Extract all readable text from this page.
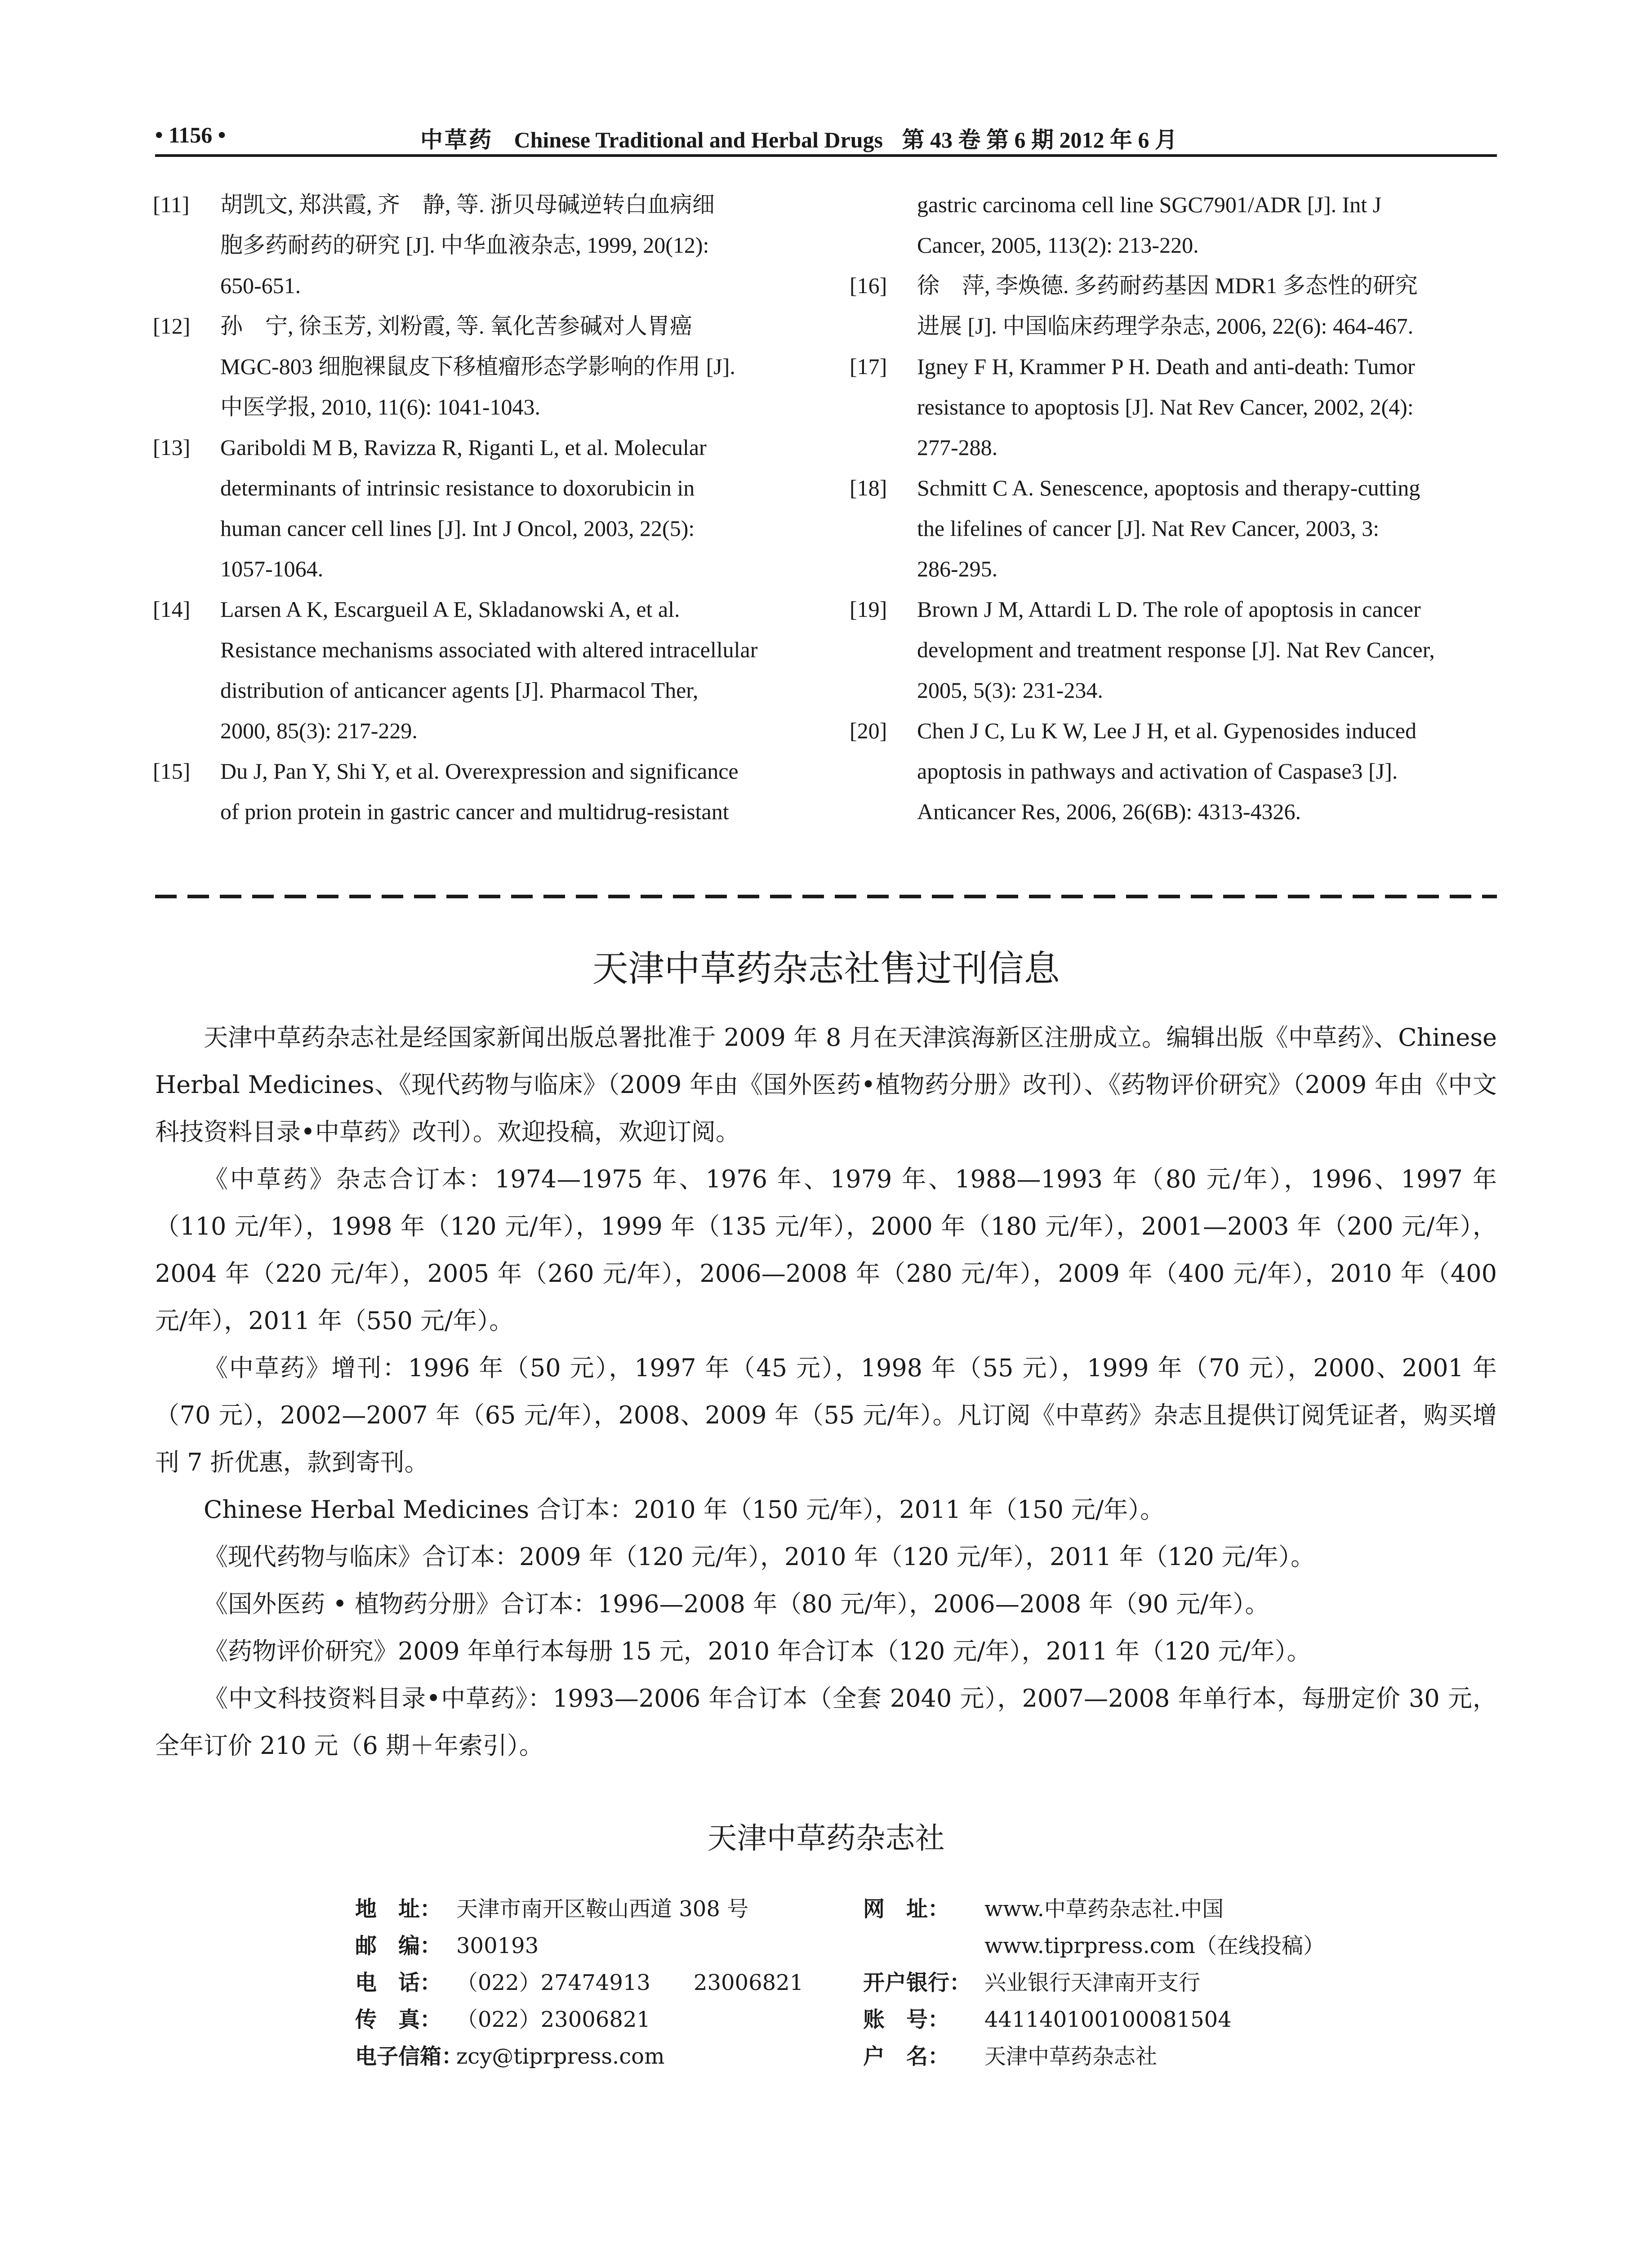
• 1156 •	中草药 Chinese Traditional and Herbal Drugs 第 43 卷 第 6 期 2012 年 6 月
[11] 胡凯文, 郑洪霞, 齐　静, 等. 浙贝母碱逆转白血病细
胞多药耐药的研究 [J]. 中华血液杂志, 1999, 20(12):
650-651.
[12] 孙　宁, 徐玉芳, 刘粉霞, 等. 氧化苦参碱对人胃癌
MGC-803 细胞裸鼠皮下移植瘤形态学影响的作用 [J].
中医学报, 2010, 11(6): 1041-1043.
[13] Gariboldi M B, Ravizza R, Riganti L, et al. Molecular
determinants of intrinsic resistance to doxorubicin in
human cancer cell lines [J]. Int J Oncol, 2003, 22(5):
1057-1064.
[14] Larsen A K, Escargueil A E, Skladanowski A, et al.
Resistance mechanisms associated with altered intracellular
distribution of anticancer agents [J]. Pharmacol Ther,
2000, 85(3): 217-229.
[15] Du J, Pan Y, Shi Y, et al. Overexpression and significance
of prion protein in gastric cancer and multidrug-resistant
gastric carcinoma cell line SGC7901/ADR [J]. Int J
Cancer, 2005, 113(2): 213-220.
[16] 徐　萍, 李焕德. 多药耐药基因 MDR1 多态性的研究
进展 [J]. 中国临床药理学杂志, 2006, 22(6): 464-467.
[17] Igney F H, Krammer P H. Death and anti-death: Tumor
resistance to apoptosis [J]. Nat Rev Cancer, 2002, 2(4):
277-288.
[18] Schmitt C A. Senescence, apoptosis and therapy-cutting
the lifelines of cancer [J]. Nat Rev Cancer, 2003, 3:
286-295.
[19] Brown J M, Attardi L D. The role of apoptosis in cancer
development and treatment response [J]. Nat Rev Cancer,
2005, 5(3): 231-234.
[20] Chen J C, Lu K W, Lee J H, et al. Gypenosides induced
apoptosis in pathways and activation of Caspase3 [J].
Anticancer Res, 2006, 26(6B): 4313-4326.
天津中草药杂志社售过刊信息

天津中草药杂志社是经国家新闻出版总署批准于 2009 年 8 月在天津滨海新区注册成立。编辑出版《中草药》、Chinese Herbal Medicines、《现代药物与临床》（2009 年由《国外医药•植物药分册》改刊）、《药物评价研究》（2009 年由《中文科技资料目录•中草药》改刊）。欢迎投稿，欢迎订阅。

《中草药》杂志合订本：1974—1975 年、1976 年、1979 年、1988—1993 年（80 元/年），1996、1997 年（110 元/年），1998 年（120 元/年），1999 年（135 元/年），2000 年（180 元/年），2001—2003 年（200 元/年），2004 年（220 元/年），2005 年（260 元/年），2006—2008 年（280 元/年），2009 年（400 元/年），2010 年（400 元/年），2011 年（550 元/年）。

《中草药》增刊：1996 年（50 元），1997 年（45 元），1998 年（55 元），1999 年（70 元），2000、2001 年（70 元），2002—2007 年（65 元/年），2008、2009 年（55 元/年）。凡订阅《中草药》杂志且提供订阅凭证者，购买增刊 7 折优惠，款到寄刊。

Chinese Herbal Medicines 合订本：2010 年（150 元/年），2011 年（150 元/年）。

《现代药物与临床》合订本：2009 年（120 元/年），2010 年（120 元/年），2011 年（120 元/年）。

《国外医药 • 植物药分册》合订本：1996—2008 年（80 元/年），2006—2008 年（90 元/年）。

《药物评价研究》2009 年单行本每册 15 元，2010 年合订本（120 元/年），2011 年（120 元/年）。

《中文科技资料目录•中草药》：1993—2006 年合订本（全套 2040 元），2007—2008 年单行本，每册定价 30 元，全年订价 210 元（6 期＋年索引）。

天津中草药杂志社
地　址： 天津市南开区鞍山西道 308 号
邮　编： 300193
电　话： （022）27474913　　23006821
传　真： （022）23006821
电子信箱：zcy@tiprpress.com
网　址： www.中草药杂志社.中国
www.tiprpress.com（在线投稿）
开户银行： 兴业银行天津南开支行
账　号： 441140100100081504
户　名： 天津中草药杂志社
